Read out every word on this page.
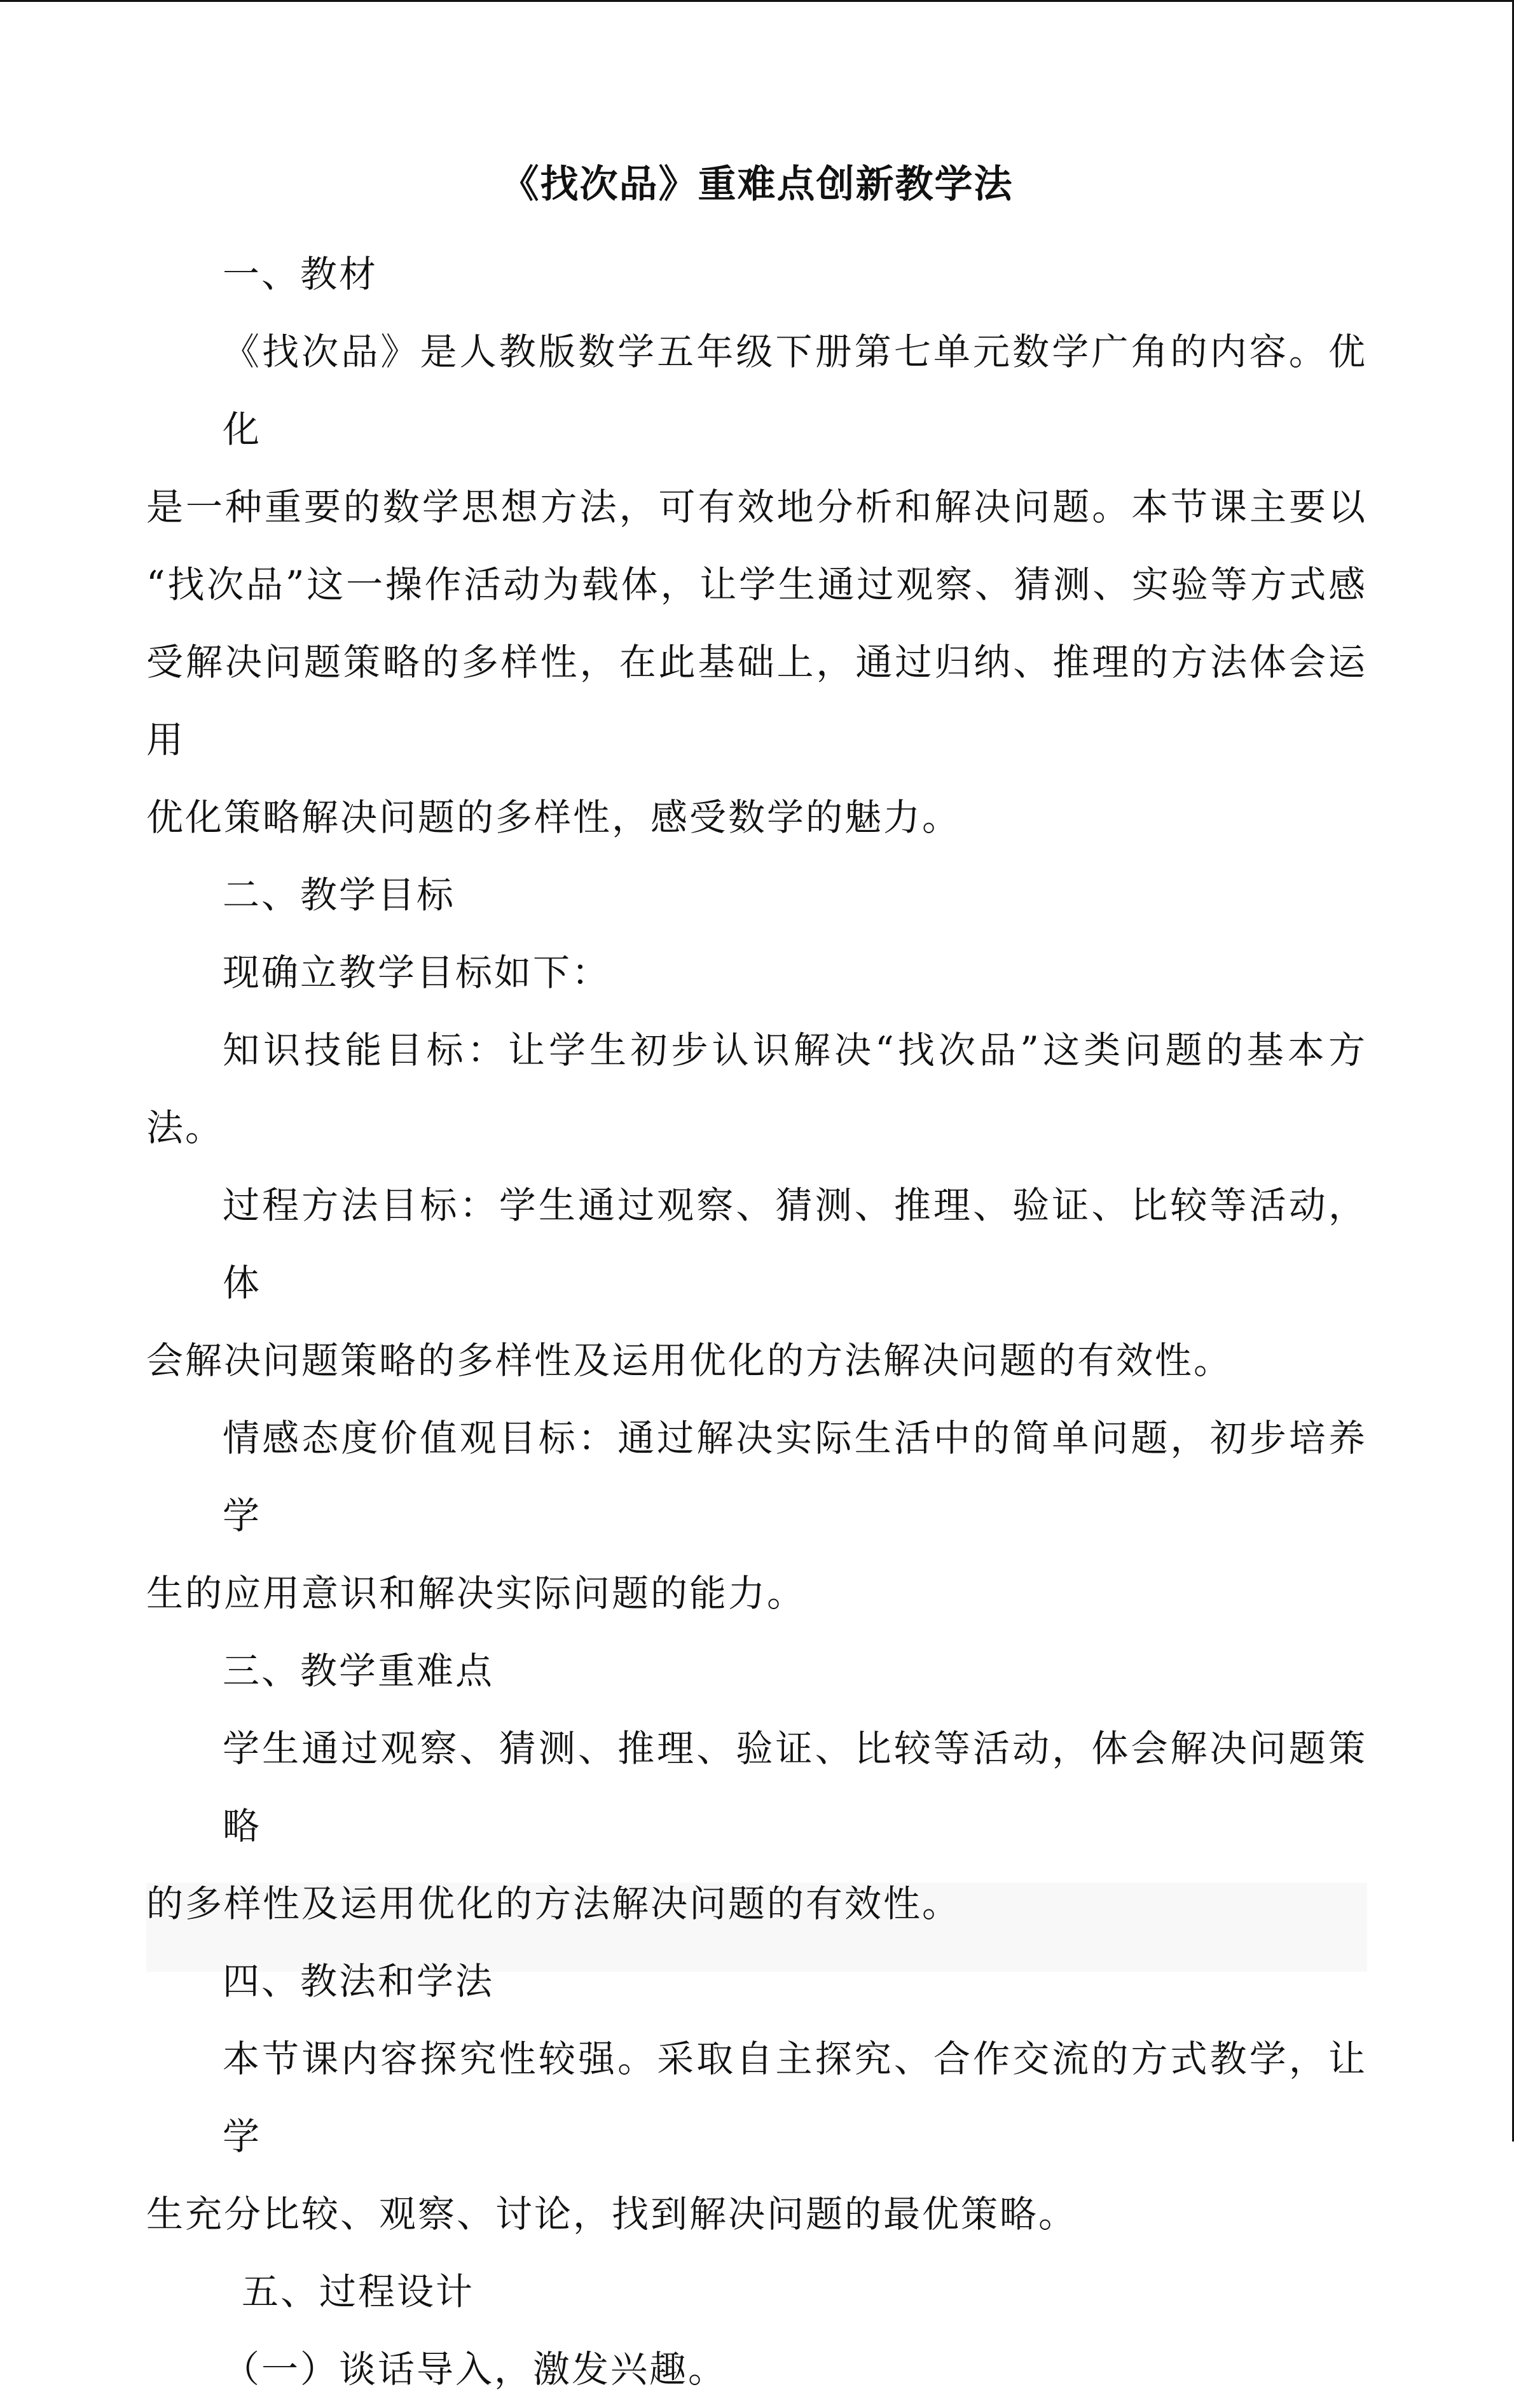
《找次品》重难点创新教学法
一、教材
《找次品》是人教版数学五年级下册第七单元数学广角的内容。优化
是一种重要的数学思想方法，可有效地分析和解决问题。本节课主要以
“找次品”这一操作活动为载体，让学生通过观察、猜测、实验等方式感
受解决问题策略的多样性，在此基础上，通过归纳、推理的方法体会运用
优化策略解决问题的多样性，感受数学的魅力。
二、教学目标
现确立教学目标如下：
知识技能目标：让学生初步认识解决“找次品”这类问题的基本方
法。
过程方法目标：学生通过观察、猜测、推理、验证、比较等活动，体
会解决问题策略的多样性及运用优化的方法解决问题的有效性。
情感态度价值观目标：通过解决实际生活中的简单问题，初步培养学
生的应用意识和解决实际问题的能力。
三、教学重难点
学生通过观察、猜测、推理、验证、比较等活动，体会解决问题策略
的多样性及运用优化的方法解决问题的有效性。
四、教法和学法
本节课内容探究性较强。采取自主探究、合作交流的方式教学，让学
生充分比较、观察、讨论，找到解决问题的最优策略。
五、过程设计
（一）谈话导入，激发兴趣。
